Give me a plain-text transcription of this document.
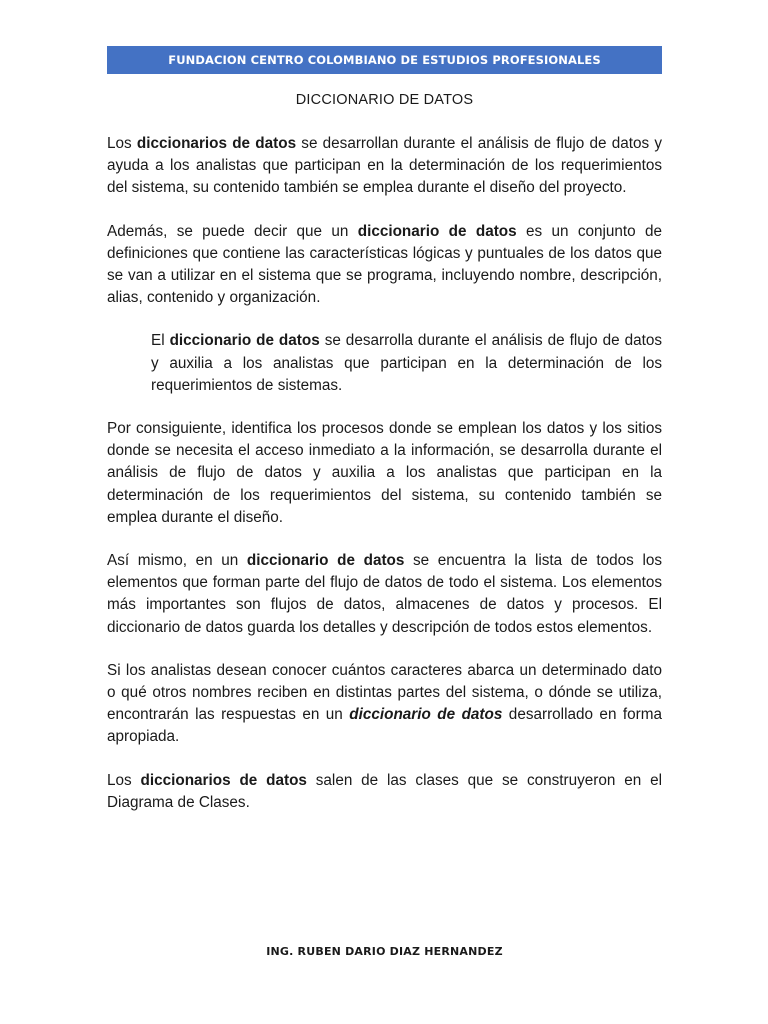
FUNDACION CENTRO COLOMBIANO DE ESTUDIOS PROFESIONALES
DICCIONARIO DE DATOS

Los diccionarios de datos se desarrollan durante el análisis de flujo de datos y ayuda a los analistas que participan en la determinación de los requerimientos del sistema, su contenido también se emplea durante el diseño del proyecto.

Además, se puede decir que un diccionario de datos es un conjunto de definiciones que contiene las características lógicas y puntuales de los datos que se van a utilizar en el sistema que se programa, incluyendo nombre, descripción, alias, contenido y organización.

El diccionario de datos se desarrolla durante el análisis de flujo de datos y auxilia a los analistas que participan en la determinación de los requerimientos de sistemas.

Por consiguiente, identifica los procesos donde se emplean los datos y los sitios donde se necesita el acceso inmediato a la información, se desarrolla durante el análisis de flujo de datos y auxilia a los analistas que participan en la determinación de los requerimientos del sistema, su contenido también se emplea durante el diseño.

Así mismo, en un diccionario de datos se encuentra la lista de todos los elementos que forman parte del flujo de datos de todo el sistema. Los elementos más importantes son flujos de datos, almacenes de datos y procesos. El diccionario de datos guarda los detalles y descripción de todos estos elementos.

Si los analistas desean conocer cuántos caracteres abarca un determinado dato o qué otros nombres reciben en distintas partes del sistema, o dónde se utiliza, encontrarán las respuestas en un diccionario de datos desarrollado en forma apropiada.

Los diccionarios de datos salen de las clases que se construyeron en el Diagrama de Clases.

ING. RUBEN DARIO DIAZ HERNANDEZ
